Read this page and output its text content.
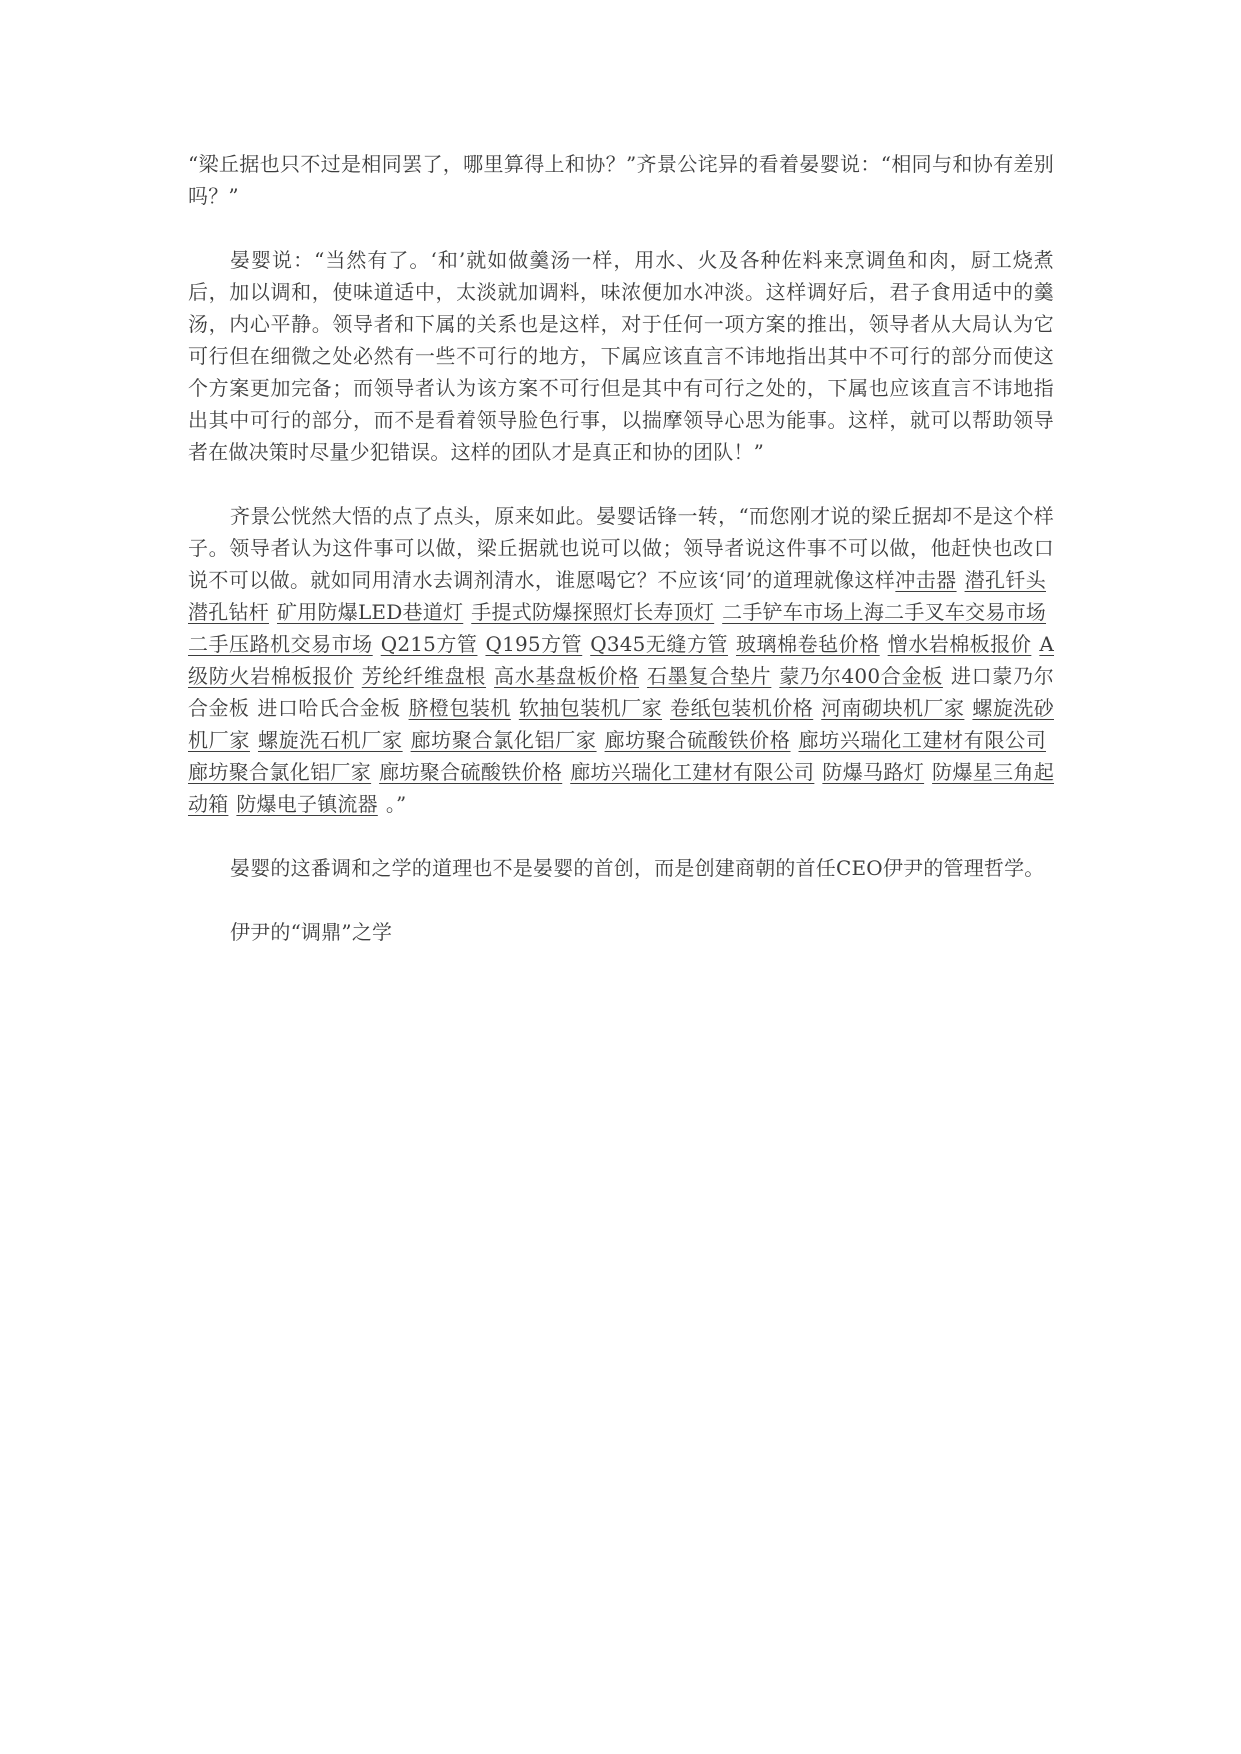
“梁丘据也只不过是相同罢了，哪里算得上和协？”齐景公诧异的看着晏婴说：“相同与和协有差别吗？”

晏婴说：“当然有了。‘和’就如做羹汤一样，用水、火及各种佐料来烹调鱼和肉，厨工烧煮后，加以调和，使味道适中，太淡就加调料，味浓便加水冲淡。这样调好后，君子食用适中的羹汤，内心平静。领导者和下属的关系也是这样，对于任何一项方案的推出，领导者从大局认为它可行但在细微之处必然有一些不可行的地方，下属应该直言不讳地指出其中不可行的部分而使这个方案更加完备；而领导者认为该方案不可行但是其中有可行之处的，下属也应该直言不讳地指出其中可行的部分，而不是看着领导脸色行事，以揣摩领导心思为能事。这样，就可以帮助领导者在做决策时尽量少犯错误。这样的团队才是真正和协的团队！”

齐景公恍然大悟的点了点头，原来如此。晏婴话锋一转，“而您刚才说的梁丘据却不是这个样子。领导者认为这件事可以做，梁丘据就也说可以做；领导者说这件事不可以做，他赶快也改口说不可以做。就如同用清水去调剂清水，谁愿喝它？不应该‘同’的道理就像这样冲击器 潜孔钎头潜孔钻杆 矿用防爆LED巷道灯 手提式防爆探照灯长寿顶灯 二手铲车市场上海二手叉车交易市场二手压路机交易市场 Q215方管 Q195方管 Q345无缝方管 玻璃棉卷毡价格 憎水岩棉板报价 A级防火岩棉板报价 芳纶纤维盘根 高水基盘板价格 石墨复合垫片 蒙乃尔400合金板 进口蒙乃尔合金板 进口哈氏合金板 脐橙包装机 软抽包装机厂家 卷纸包装机价格 河南砌块机厂家 螺旋洗砂机厂家 螺旋洗石机厂家 廊坊聚合氯化铝厂家 廊坊聚合硫酸铁价格 廊坊兴瑞化工建材有限公司廊坊聚合氯化铝厂家 廊坊聚合硫酸铁价格 廊坊兴瑞化工建材有限公司 防爆马路灯 防爆星三角起动箱 防爆电子镇流器 。”

晏婴的这番调和之学的道理也不是晏婴的首创，而是创建商朝的首任CEO伊尹的管理哲学。

伊尹的“调鼎”之学
